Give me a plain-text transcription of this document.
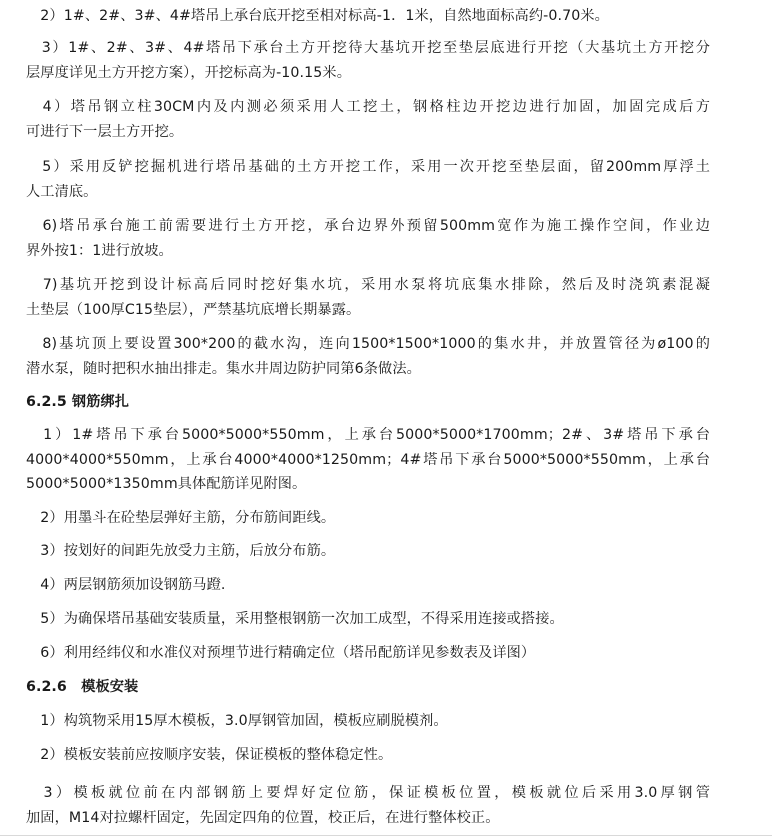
　2）1#、2#、3#、4#塔吊上承台底开挖至相对标高-1．1米，自然地面标高约-0.70米。
　3）1#、2#、3#、4#塔吊下承台土方开挖待大基坑开挖至垫层底进行开挖（大基坑土方开挖分
层厚度详见土方开挖方案），开挖标高为-10.15米。
　4）塔吊钢立柱30CM内及内测必须采用人工挖土，钢格柱边开挖边进行加固，加固完成后方
可进行下一层土方开挖。
　5）采用反铲挖掘机进行塔吊基础的土方开挖工作，采用一次开挖至垫层面，留200mm厚浮土
人工清底。
　6)塔吊承台施工前需要进行土方开挖，承台边界外预留500mm宽作为施工操作空间，作业边
界外按1：1进行放坡。
　7)基坑开挖到设计标高后同时挖好集水坑，采用水泵将坑底集水排除，然后及时浇筑素混凝
土垫层（100厚C15垫层），严禁基坑底增长期暴露。
　8)基坑顶上要设置300*200的截水沟，连向1500*1500*1000的集水井，并放置管径为ø100的
潜水泵，随时把积水抽出排走。集水井周边防护同第6条做法。
6.2.5 钢筋绑扎
　1）1#塔吊下承台5000*5000*550mm，上承台5000*5000*1700mm；2#、3#塔吊下承台
4000*4000*550mm，上承台4000*4000*1250mm；4#塔吊下承台5000*5000*550mm，上承台
5000*5000*1350mm具体配筋详见附图。
　2）用墨斗在砼垫层弹好主筋，分布筋间距线。
　3）按划好的间距先放受力主筋，后放分布筋。
　4）两层钢筋须加设钢筋马蹬.
　5）为确保塔吊基础安装质量，采用整根钢筋一次加工成型，不得采用连接或搭接。
　6）利用经纬仪和水准仪对预埋节进行精确定位（塔吊配筋详见参数表及详图）
6.2.6　模板安装
　1）构筑物采用15厚木模板，3.0厚钢管加固，模板应刷脱模剂。
　2）模板安装前应按顺序安装，保证模板的整体稳定性。
　3）模板就位前在内部钢筋上要焊好定位筋，保证模板位置，模板就位后采用3.0厚钢管
加固，M14对拉螺杆固定，先固定四角的位置，校正后，在进行整体校正。
